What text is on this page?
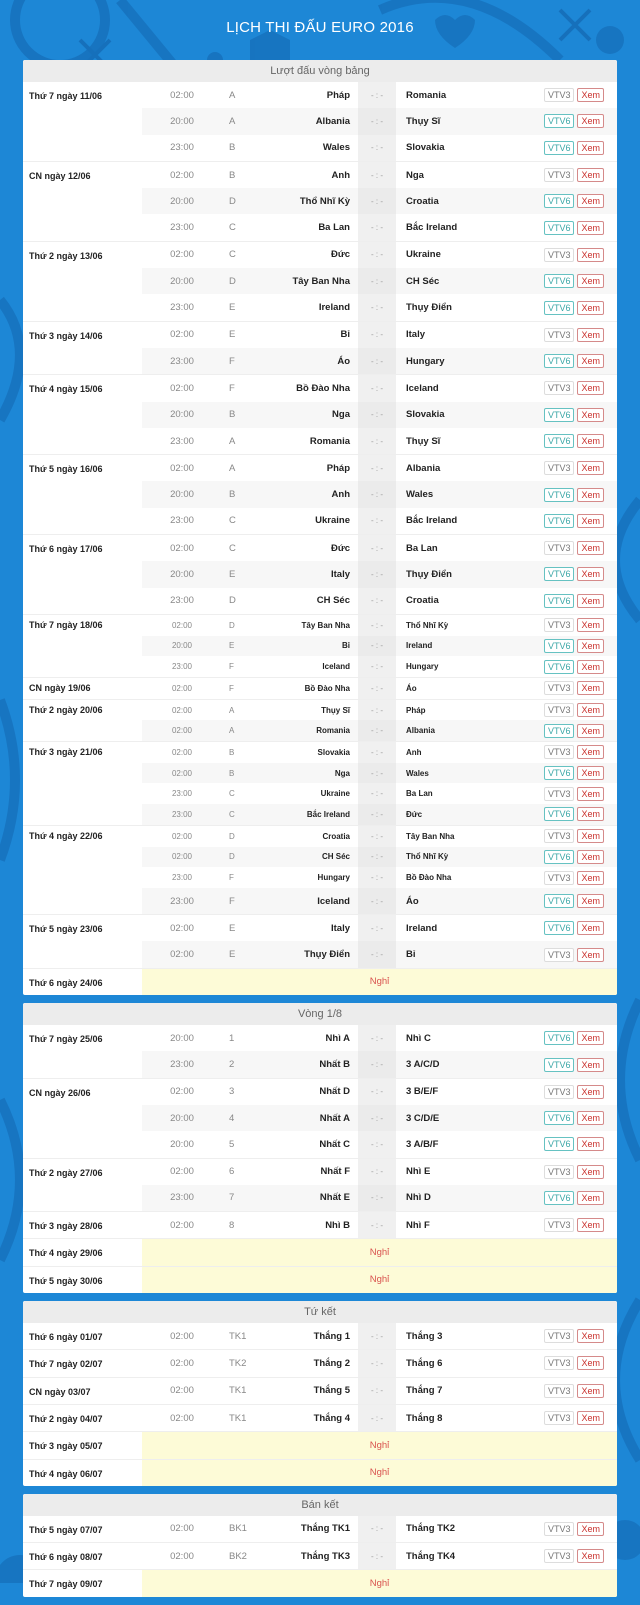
LỊCH THI ĐẤU EURO 2016
Lượt đấu vòng bảng
Thứ 7 ngày 11/06	02:00	A	Pháp	- : -	Romania	VTV3	Xem
20:00	A	Albania	- : -	Thụy Sĩ	VTV6	Xem
23:00	B	Wales	- : -	Slovakia	VTV6	Xem
CN ngày 12/06	02:00	B	Anh	- : -	Nga	VTV3	Xem
20:00	D	Thổ Nhĩ Kỳ	- : -	Croatia	VTV6	Xem
23:00	C	Ba Lan	- : -	Bắc Ireland	VTV6	Xem
Thứ 2 ngày 13/06	02:00	C	Đức	- : -	Ukraine	VTV3	Xem
20:00	D	Tây Ban Nha	- : -	CH Séc	VTV6	Xem
23:00	E	Ireland	- : -	Thụy Điển	VTV6	Xem
Thứ 3 ngày 14/06	02:00	E	Bỉ	- : -	Italy	VTV3	Xem
23:00	F	Áo	- : -	Hungary	VTV6	Xem
Thứ 4 ngày 15/06	02:00	F	Bồ Đào Nha	- : -	Iceland	VTV3	Xem
20:00	B	Nga	- : -	Slovakia	VTV6	Xem
23:00	A	Romania	- : -	Thụy Sĩ	VTV6	Xem
Thứ 5 ngày 16/06	02:00	A	Pháp	- : -	Albania	VTV3	Xem
20:00	B	Anh	- : -	Wales	VTV6	Xem
23:00	C	Ukraine	- : -	Bắc Ireland	VTV6	Xem
Thứ 6 ngày 17/06	02:00	C	Đức	- : -	Ba Lan	VTV3	Xem
20:00	E	Italy	- : -	Thụy Điển	VTV6	Xem
23:00	D	CH Séc	- : -	Croatia	VTV6	Xem
Thứ 7 ngày 18/06	02:00	D	Tây Ban Nha	- : -	Thổ Nhĩ Kỳ	VTV3	Xem
20:00	E	Bỉ	- : -	Ireland	VTV6	Xem
23:00	F	Iceland	- : -	Hungary	VTV6	Xem
CN ngày 19/06	02:00	F	Bồ Đào Nha	- : -	Áo	VTV3	Xem
Thứ 2 ngày 20/06	02:00	A	Thụy Sĩ	- : -	Pháp	VTV3	Xem
02:00	A	Romania	- : -	Albania	VTV6	Xem
Thứ 3 ngày 21/06	02:00	B	Slovakia	- : -	Anh	VTV3	Xem
02:00	B	Nga	- : -	Wales	VTV6	Xem
23:00	C	Ukraine	- : -	Ba Lan	VTV3	Xem
23:00	C	Bắc Ireland	- : -	Đức	VTV6	Xem
Thứ 4 ngày 22/06	02:00	D	Croatia	- : -	Tây Ban Nha	VTV3	Xem
02:00	D	CH Séc	- : -	Thổ Nhĩ Kỳ	VTV6	Xem
23:00	F	Hungary	- : -	Bồ Đào Nha	VTV3	Xem
23:00	F	Iceland	- : -	Áo	VTV6	Xem
Thứ 5 ngày 23/06	02:00	E	Italy	- : -	Ireland	VTV6	Xem
02:00	E	Thụy Điển	- : -	Bỉ	VTV3	Xem
Thứ 6 ngày 24/06	Nghỉ
Vòng 1/8
Thứ 7 ngày 25/06	20:00	1	Nhì A	- : -	Nhì C	VTV6	Xem
23:00	2	Nhất B	- : -	3 A/C/D	VTV6	Xem
CN ngày 26/06	02:00	3	Nhất D	- : -	3 B/E/F	VTV3	Xem
20:00	4	Nhất A	- : -	3 C/D/E	VTV6	Xem
20:00	5	Nhất C	- : -	3 A/B/F	VTV6	Xem
Thứ 2 ngày 27/06	02:00	6	Nhất F	- : -	Nhì E	VTV3	Xem
23:00	7	Nhất E	- : -	Nhì D	VTV6	Xem
Thứ 3 ngày 28/06	02:00	8	Nhì B	- : -	Nhì F	VTV3	Xem
Thứ 4 ngày 29/06	Nghỉ
Thứ 5 ngày 30/06	Nghỉ
Tứ kết
Thứ 6 ngày 01/07	02:00	TK1	Thắng 1	- : -	Thắng 3	VTV3	Xem
Thứ 7 ngày 02/07	02:00	TK2	Thắng 2	- : -	Thắng 6	VTV3	Xem
CN ngày 03/07	02:00	TK1	Thắng 5	- : -	Thắng 7	VTV3	Xem
Thứ 2 ngày 04/07	02:00	TK1	Thắng 4	- : -	Thắng 8	VTV3	Xem
Thứ 3 ngày 05/07	Nghỉ
Thứ 4 ngày 06/07	Nghỉ
Bán kết
Thứ 5 ngày 07/07	02:00	BK1	Thắng TK1	- : -	Thắng TK2	VTV3	Xem
Thứ 6 ngày 08/07	02:00	BK2	Thắng TK3	- : -	Thắng TK4	VTV3	Xem
Thứ 7 ngày 09/07	Nghỉ
